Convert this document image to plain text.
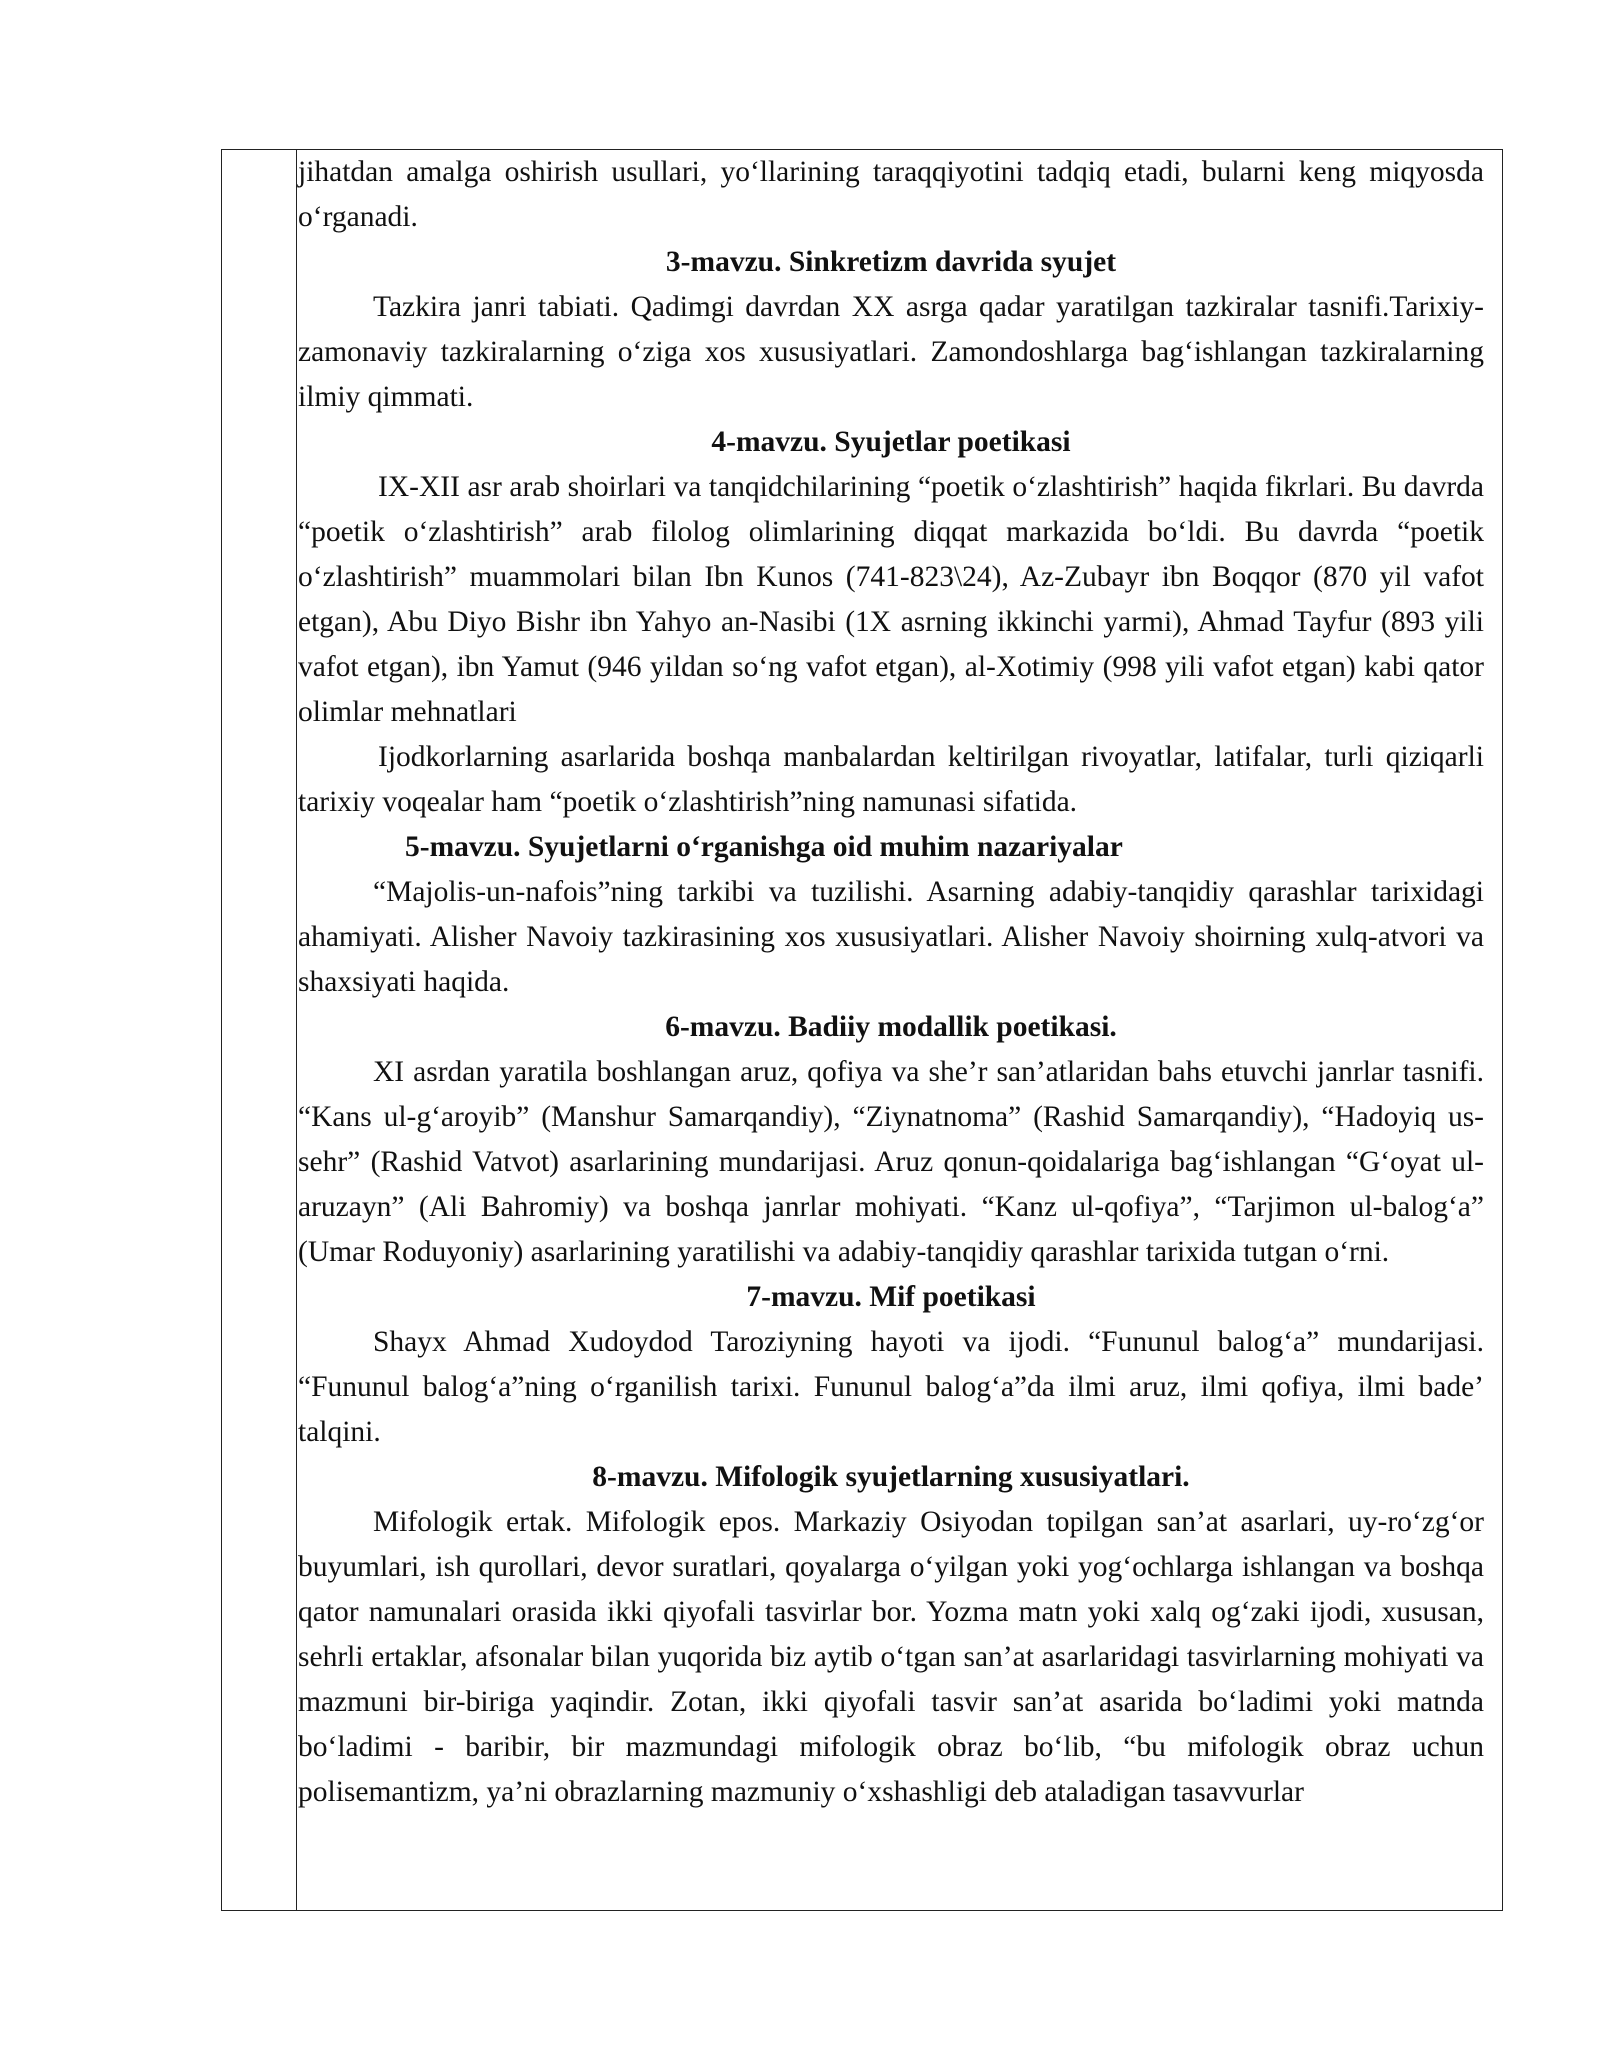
jihatdan amalga oshirish usullari, yo‘llarining taraqqiyotini tadqiq etadi, bularni keng miqyosda o‘rganadi.

3-mavzu. Sinkretizm davrida syujet

Tazkira janri tabiati. Qadimgi davrdan XX asrga qadar yaratilgan tazkiralar tasnifi.Tarixiy-zamonaviy tazkiralarning o‘ziga xos xususiyatlari. Zamondoshlarga bag‘ishlangan tazkiralarning ilmiy qimmati.

4-mavzu. Syujetlar poetikasi

IX-XII asr arab shoirlari va tanqidchilarining “poetik o‘zlashtirish” haqida fikrlari. Bu davrda “poetik o‘zlashtirish” arab filolog olimlarining diqqat markazida bo‘ldi. Bu davrda “poetik o‘zlashtirish” muammolari bilan Ibn Kunos (741-823\24), Az-Zubayr ibn Boqqor (870 yil vafot etgan), Abu Diyo Bishr ibn Yahyo an-Nasibi (1X asrning ikkinchi yarmi), Ahmad Tayfur (893 yili vafot etgan), ibn Yamut (946 yildan so‘ng vafot etgan), al-Xotimiy (998 yili vafot etgan) kabi qator olimlar mehnatlari

Ijodkorlarning asarlarida boshqa manbalardan keltirilgan rivoyatlar, latifalar, turli qiziqarli tarixiy voqealar ham “poetik o‘zlashtirish”ning namunasi sifatida.

5-mavzu. Syujetlarni o‘rganishga oid muhim nazariyalar

“Majolis-un-nafois”ning tarkibi va tuzilishi. Asarning adabiy-tanqidiy qarashlar tarixidagi ahamiyati. Alisher Navoiy tazkirasining xos xususiyatlari. Alisher Navoiy shoirning xulq-atvori va shaxsiyati haqida.

6-mavzu. Badiiy modallik poetikasi.

XI asrdan yaratila boshlangan aruz, qofiya va she’r san’atlaridan bahs etuvchi janrlar tasnifi. “Kans ul-g‘aroyib” (Manshur Samarqandiy), “Ziynatnoma” (Rashid Samarqandiy), “Hadoyiq us-sehr” (Rashid Vatvot) asarlarining mundarijasi. Aruz qonun-qoidalariga bag‘ishlangan “G‘oyat ul-aruzayn” (Ali Bahromiy) va boshqa janrlar mohiyati. “Kanz ul-qofiya”, “Tarjimon ul-balog‘a” (Umar Roduyoniy) asarlarining yaratilishi va adabiy-tanqidiy qarashlar tarixida tutgan o‘rni.

7-mavzu. Mif poetikasi

Shayx Ahmad Xudoydod Taroziyning hayoti va ijodi. “Fununul balog‘a” mundarijasi. “Fununul balog‘a”ning o‘rganilish tarixi. Fununul balog‘a”da ilmi aruz, ilmi qofiya, ilmi bade’ talqini.

8-mavzu. Mifologik syujetlarning xususiyatlari.

Mifologik ertak. Mifologik epos. Markaziy Osiyodan topilgan san’at asarlari, uy-ro‘zg‘or buyumlari, ish qurollari, devor suratlari, qoyalarga o‘yilgan yoki yog‘ochlarga ishlangan va boshqa qator namunalari orasida ikki qiyofali tasvirlar bor. Yozma matn yoki xalq og‘zaki ijodi, xususan, sehrli ertaklar, afsonalar bilan yuqorida biz aytib o‘tgan san’at asarlaridagi tasvirlarning mohiyati va mazmuni bir-biriga yaqindir. Zotan, ikki qiyofali tasvir san’at asarida bo‘ladimi yoki matnda bo‘ladimi - baribir, bir mazmundagi mifologik obraz bo‘lib, “bu mifologik obraz uchun polisemantizm, ya’ni obrazlarning mazmuniy o‘xshashligi deb ataladigan tasavvurlar
